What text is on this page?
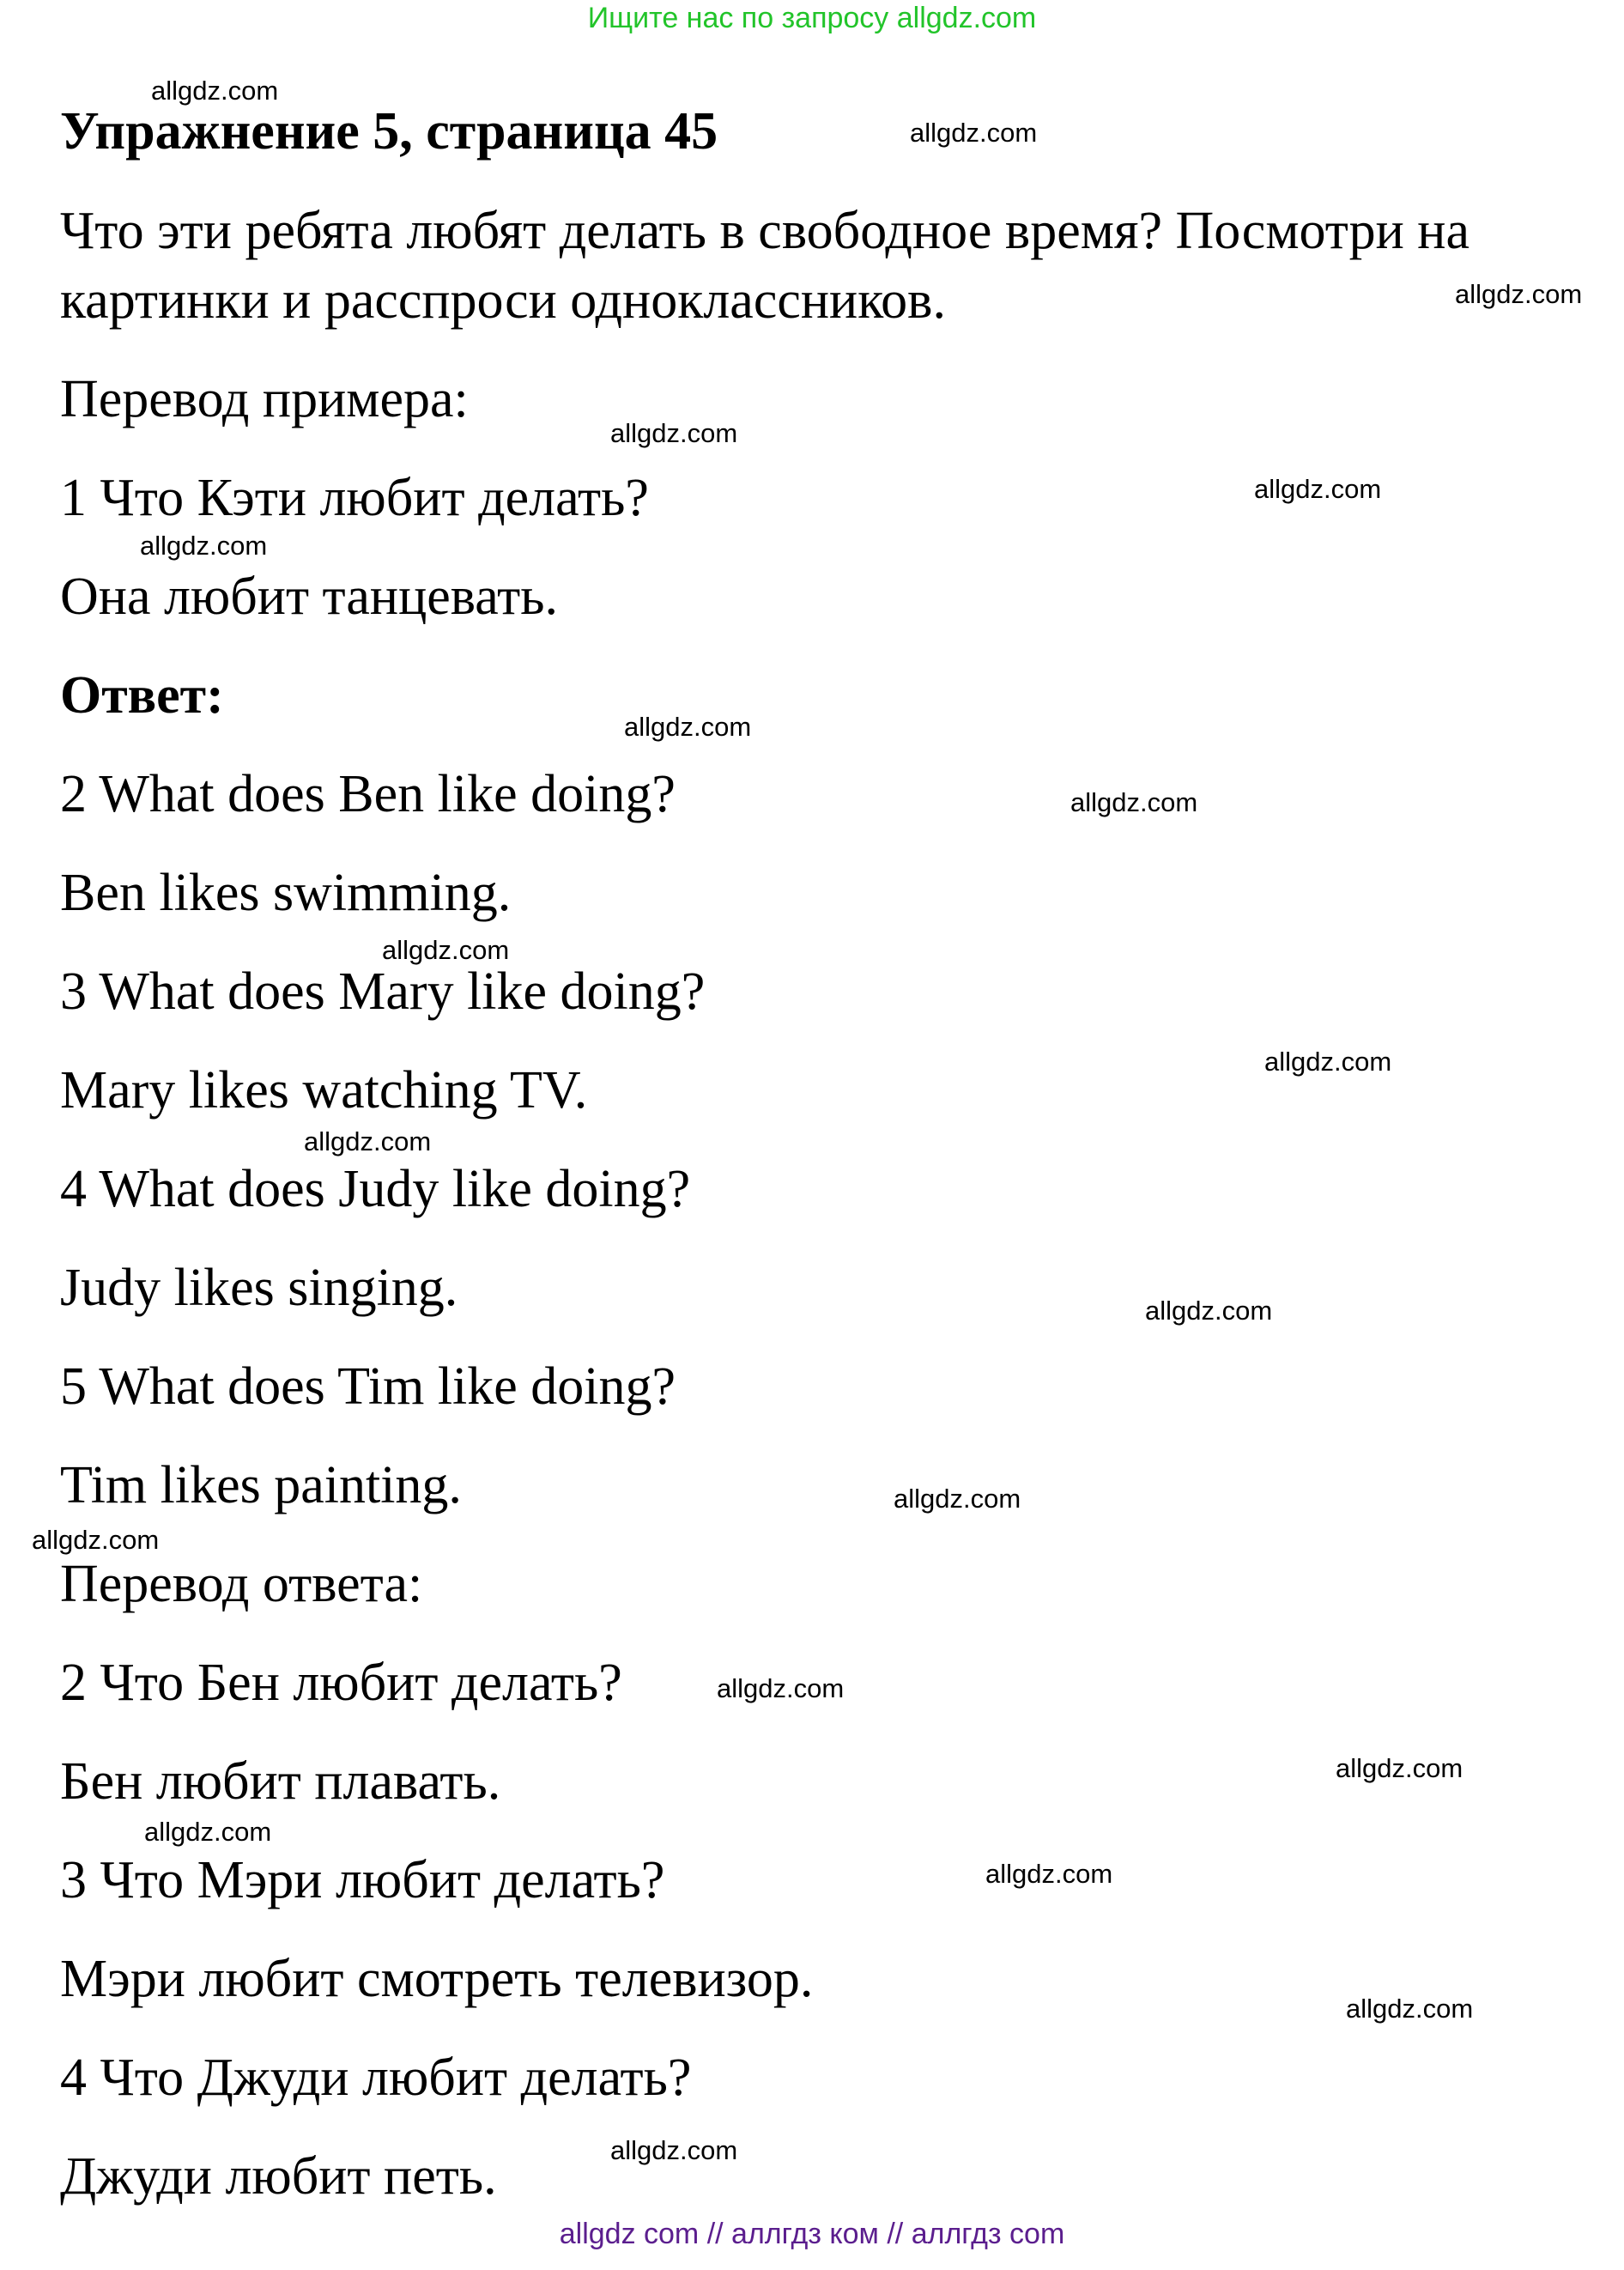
Ищите нас по запросу allgdz.com
Упражнение 5, страница 45
Что эти ребята любят делать в свободное время? Посмотри на
картинки и расспроси одноклассников.
Перевод примера:
1 Что Кэти любит делать?
Она любит танцевать.
Ответ:
2 What does Ben like doing?
Ben likes swimming.
3 What does Mary like doing?
Mary likes watching TV.
4 What does Judy like doing?
Judy likes singing.
5 What does Tim like doing?
Tim likes painting.
Перевод ответа:
2 Что Бен любит делать?
Бен любит плавать.
3 Что Мэри любит делать?
Мэри любит смотреть телевизор.
4 Что Джуди любит делать?
Джуди любит петь.
allgdz.com
allgdz.com
allgdz.com
allgdz.com
allgdz.com
allgdz.com
allgdz.com
allgdz.com
allgdz.com
allgdz.com
allgdz.com
allgdz.com
allgdz.com
allgdz.com
allgdz.com
allgdz.com
allgdz.com
allgdz.com
allgdz.com
allgdz.com
allgdz com // аллгдз ком // аллгдз com
